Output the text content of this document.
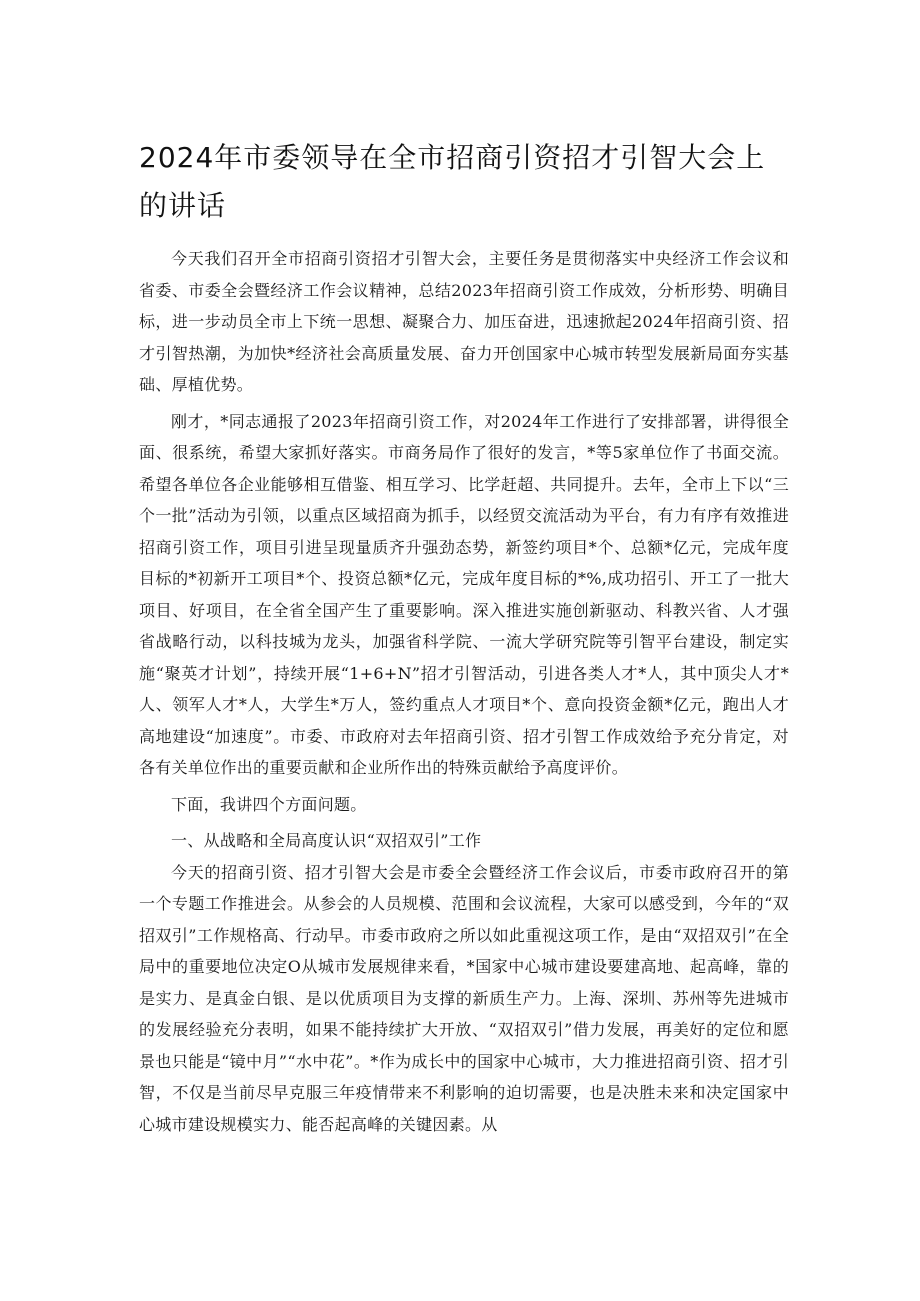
2024年市委领导在全市招商引资招才引智大会上的讲话

今天我们召开全市招商引资招才引智大会，主要任务是贯彻落实中央经济工作会议和省委、市委全会暨经济工作会议精神，总结2023年招商引资工作成效，分析形势、明确目标，进一步动员全市上下统一思想、凝聚合力、加压奋进，迅速掀起2024年招商引资、招才引智热潮，为加快*经济社会高质量发展、奋力开创国家中心城市转型发展新局面夯实基础、厚植优势。

刚才，*同志通报了2023年招商引资工作，对2024年工作进行了安排部署，讲得很全面、很系统，希望大家抓好落实。市商务局作了很好的发言，*等5家单位作了书面交流。希望各单位各企业能够相互借鉴、相互学习、比学赶超、共同提升。去年，全市上下以“三个一批”活动为引领，以重点区域招商为抓手，以经贸交流活动为平台，有力有序有效推进招商引资工作，项目引进呈现量质齐升强劲态势，新签约项目*个、总额*亿元，完成年度目标的*初新开工项目*个、投资总额*亿元，完成年度目标的*%,成功招引、开工了一批大项目、好项目，在全省全国产生了重要影响。深入推进实施创新驱动、科教兴省、人才强省战略行动，以科技城为龙头，加强省科学院、一流大学研究院等引智平台建设，制定实施“聚英才计划”，持续开展“1+6+N”招才引智活动，引进各类人才*人，其中顶尖人才*人、领军人才*人，大学生*万人，签约重点人才项目*个、意向投资金额*亿元，跑出人才高地建设“加速度”。市委、市政府对去年招商引资、招才引智工作成效给予充分肯定，对各有关单位作出的重要贡献和企业所作出的特殊贡献给予高度评价。

下面，我讲四个方面问题。

一、从战略和全局高度认识“双招双引”工作

今天的招商引资、招才引智大会是市委全会暨经济工作会议后，市委市政府召开的第一个专题工作推进会。从参会的人员规模、范围和会议流程，大家可以感受到，今年的“双招双引”工作规格高、行动早。市委市政府之所以如此重视这项工作，是由“双招双引”在全局中的重要地位决定O从城市发展规律来看，*国家中心城市建设要建高地、起高峰，靠的是实力、是真金白银、是以优质项目为支撑的新质生产力。上海、深圳、苏州等先进城市的发展经验充分表明，如果不能持续扩大开放、“双招双引”借力发展，再美好的定位和愿景也只能是“镜中月”“水中花”。*作为成长中的国家中心城市，大力推进招商引资、招才引智，不仅是当前尽早克服三年疫情带来不利影响的迫切需要，也是决胜未来和决定国家中心城市建设规模实力、能否起高峰的关键因素。从
